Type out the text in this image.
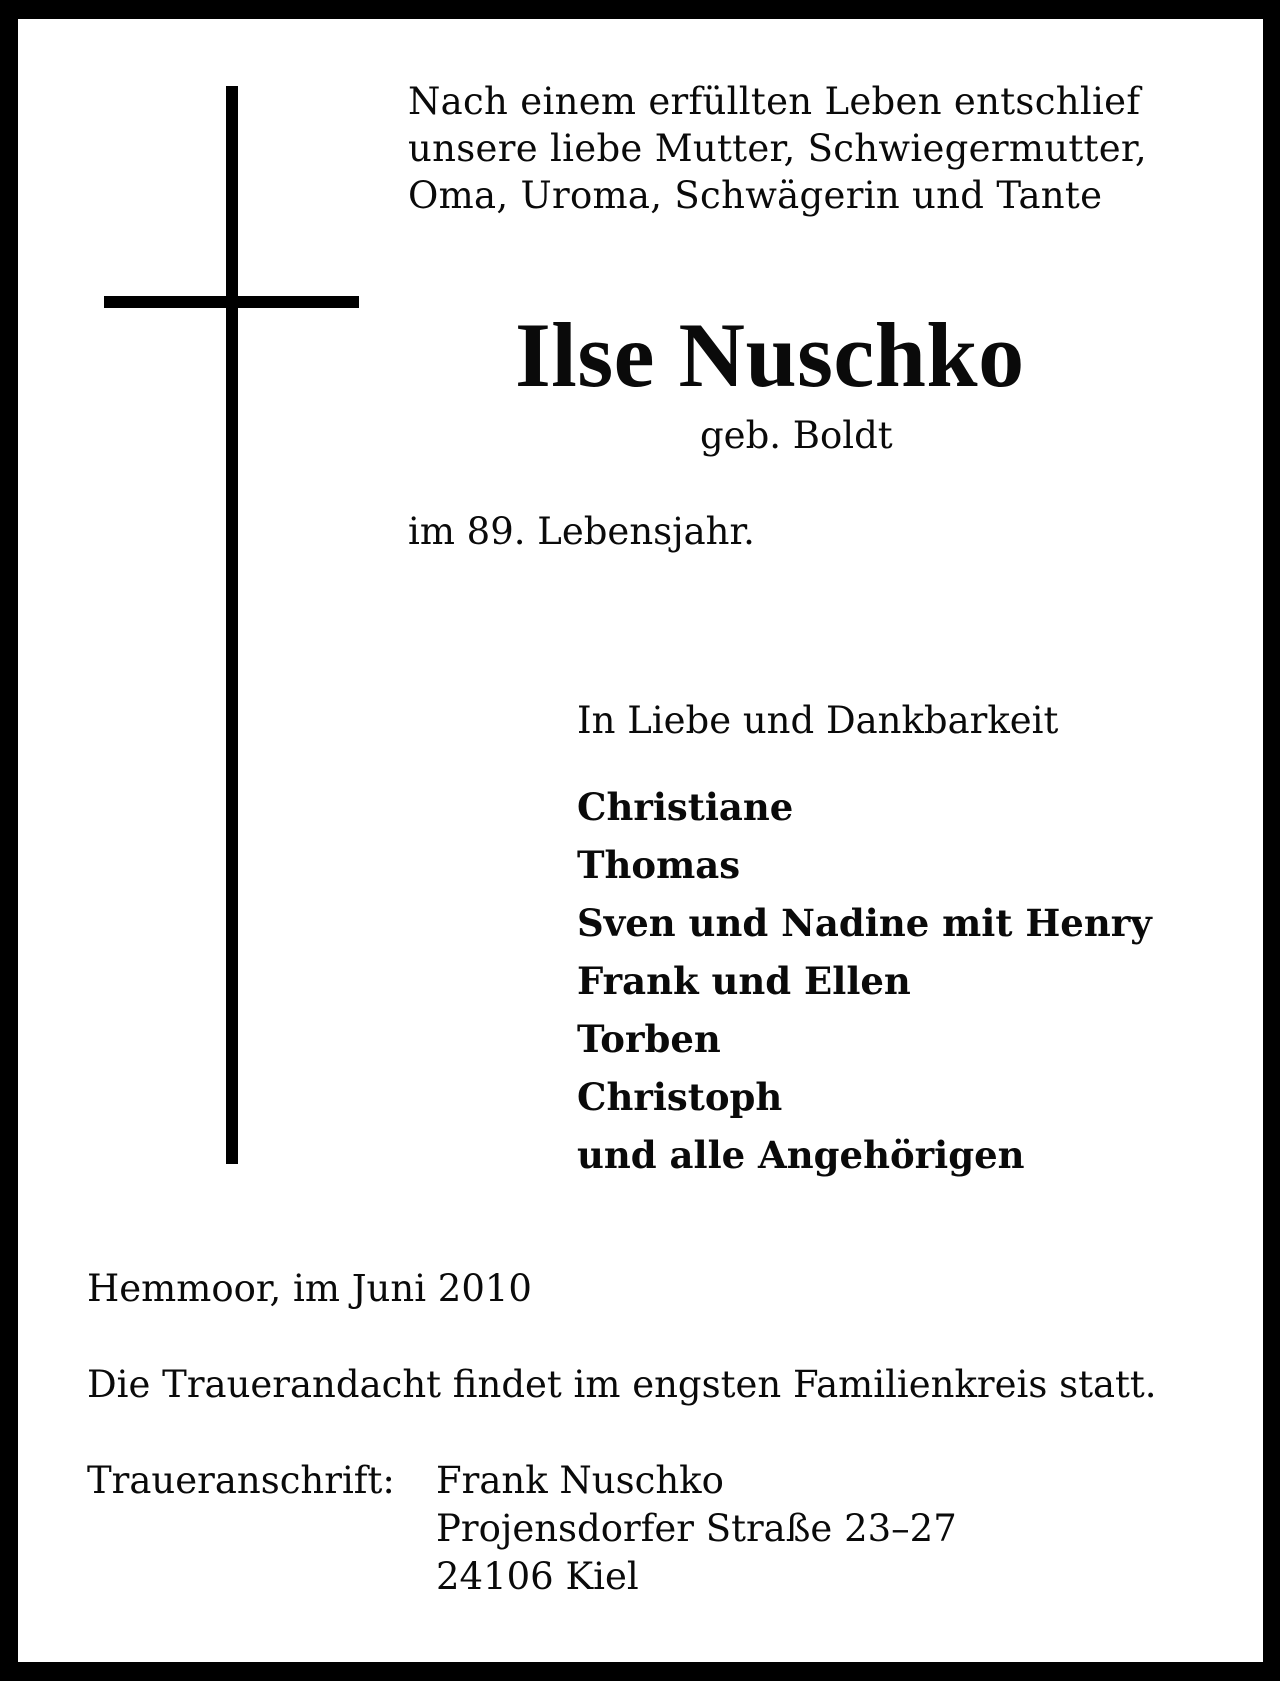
Nach einem erfüllten Leben entschlief
unsere liebe Mutter, Schwiegermutter,
Oma, Uroma, Schwägerin und Tante
Ilse Nuschko
geb. Boldt
im 89. Lebensjahr.
In Liebe und Dankbarkeit
Christiane
Thomas
Sven und Nadine mit Henry
Frank und Ellen
Torben
Christoph
und alle Angehörigen
Hemmoor, im Juni 2010
Die Trauerandacht findet im engsten Familienkreis statt.
Traueranschrift: Frank Nuschko
Projensdorfer Straße 23–27
24106 Kiel
